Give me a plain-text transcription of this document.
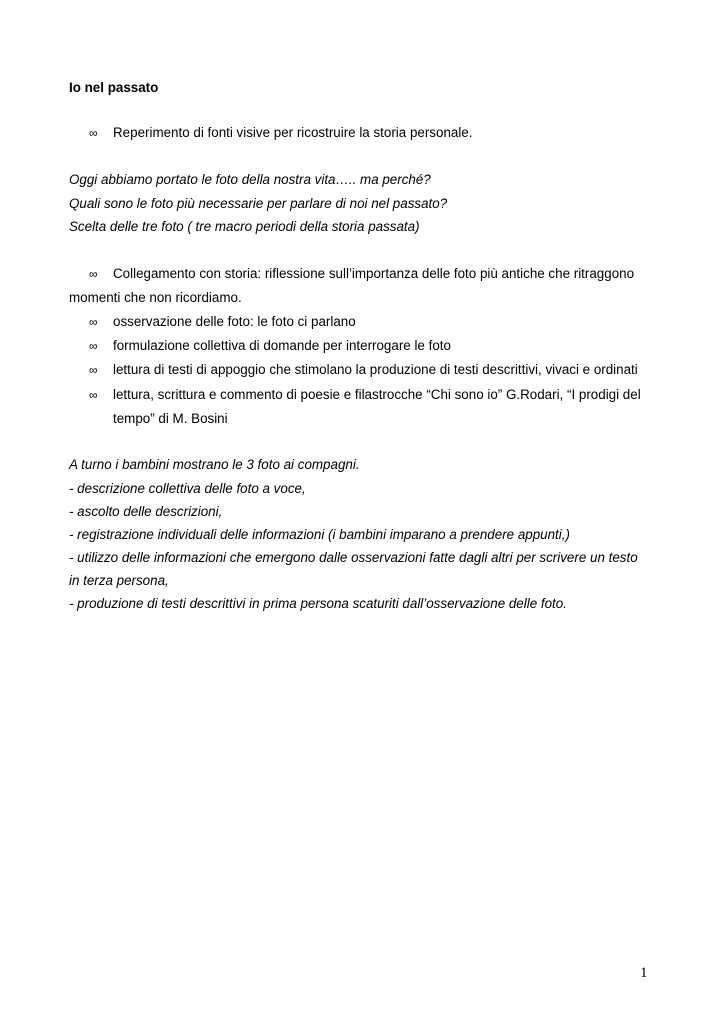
Io nel passato
∞	Reperimento di fonti visive per ricostruire la storia personale.
Oggi abbiamo portato le foto della nostra vita….. ma perché?
Quali sono le foto più necessarie per parlare di noi nel passato?
Scelta delle tre foto ( tre macro periodi della storia passata)
∞	Collegamento con storia: riflessione sull’importanza delle foto più antiche che ritraggono
momenti che non ricordiamo.
∞	osservazione delle foto: le foto ci parlano
∞	formulazione collettiva di domande per interrogare le foto
∞	lettura di testi di appoggio che stimolano la produzione di testi descrittivi, vivaci e ordinati
∞	lettura, scrittura e commento di poesie e filastrocche “Chi sono io” G.Rodari, “I prodigi del
tempo” di M. Bosini
A turno i bambini mostrano le 3 foto ai compagni.
- descrizione collettiva delle foto a voce,
- ascolto delle descrizioni,
- registrazione individuali delle informazioni (i bambini imparano a prendere appunti,)
- utilizzo delle informazioni che emergono dalle osservazioni fatte dagli altri per scrivere un testo
in terza persona,
- produzione di testi descrittivi in prima persona scaturiti dall’osservazione delle foto.
1
